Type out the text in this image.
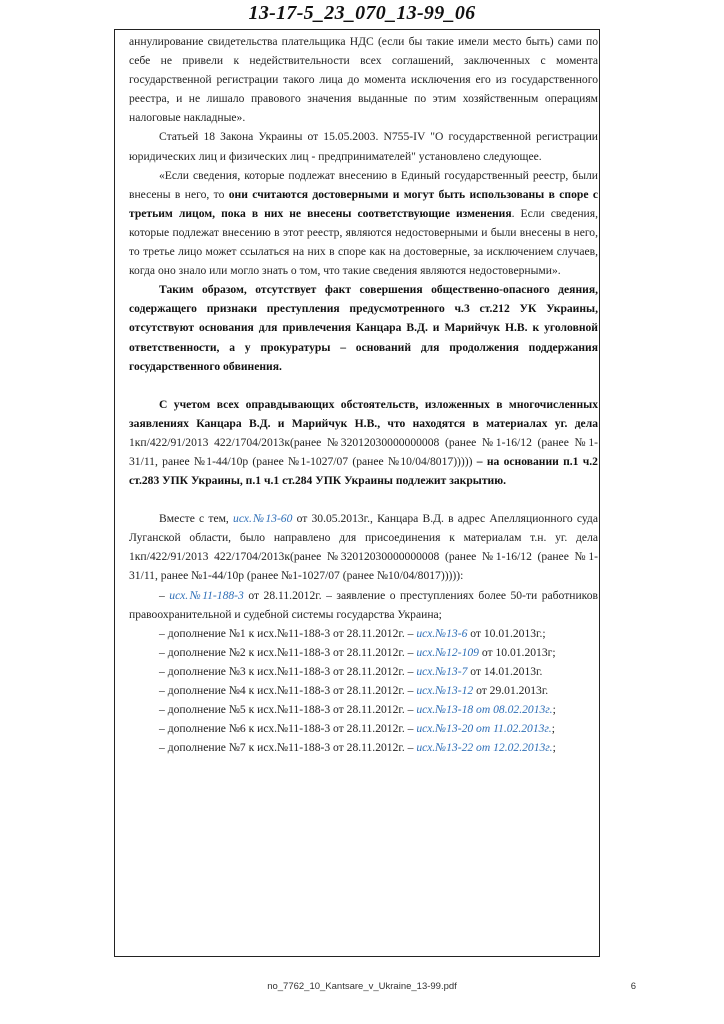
13-17-5_23_070_13-99_06

аннулирование свидетельства плательщика НДС (если бы такие имели место быть) сами по себе не привели к недействительности всех соглашений, заключенных с момента государственной регистрации такого лица до момента исключения его из государственного реестра, и не лишало правового значения выданные по этим хозяйственным операциям налоговые накладные».

Статьей 18 Закона Украины от 15.05.2003. N755-IV "О государственной регистрации юридических лиц и физических лиц - предпринимателей" установлено следующее.

«Если сведения, которые подлежат внесению в Единый государственный реестр, были внесены в него, то они считаются достоверными и могут быть использованы в споре с третьим лицом, пока в них не внесены соответствующие изменения. Если сведения, которые подлежат внесению в этот реестр, являются недостоверными и были внесены в него, то третье лицо может ссылаться на них в споре как на достоверные, за исключением случаев, когда оно знало или могло знать о том, что такие сведения являются недостоверными».

Таким образом, отсутствует факт совершения общественно-опасного деяния, содержащего признаки преступления предусмотренного ч.3 ст.212 УК Украины, отсутствуют основания для привлечения Канцара В.Д. и Марийчук Н.В. к уголовной ответственности, а у прокуратуры – оснований для продолжения поддержания государственного обвинения.

С учетом всех оправдывающих обстоятельств, изложенных в многочисленных заявлениях Канцара В.Д. и Марийчук Н.В., что находятся в материалах уг. дела 1кп/422/91/2013 422/1704/2013к(ранее №32012030000000008 (ранее №1-16/12 (ранее №1-31/11, ранее №1-44/10р (ранее №1-1027/07 (ранее №10/04/8017))))) – на основании п.1 ч.2 ст.283 УПК Украины, п.1 ч.1 ст.284 УПК Украины подлежит закрытию.

Вместе с тем, исх.№13-60 от 30.05.2013г., Канцара В.Д. в адрес Апелляционного суда Луганской области, было направлено для присоединения к материалам т.н. уг. дела 1кп/422/91/2013 422/1704/2013к(ранее №32012030000000008 (ранее №1-16/12 (ранее №1-31/11, ранее №1-44/10р (ранее №1-1027/07 (ранее №10/04/8017))))):

– исх.№11-188-3 от 28.11.2012г. – заявление о преступлениях более 50-ти работников правоохранительной и судебной системы государства Украина;

– дополнение №1 к исх.№11-188-3 от 28.11.2012г. – исх.№13-6 от 10.01.2013г.;

– дополнение №2 к исх.№11-188-3 от 28.11.2012г. – исх.№12-109 от 10.01.2013г;

– дополнение №3 к исх.№11-188-3 от 28.11.2012г. – исх.№13-7 от 14.01.2013г.

– дополнение №4 к исх.№11-188-3 от 28.11.2012г. – исх.№13-12 от 29.01.2013г.

– дополнение №5 к исх.№11-188-3 от 28.11.2012г. – исх.№13-18 от 08.02.2013г.;

– дополнение №6 к исх.№11-188-3 от 28.11.2012г. – исх.№13-20 от 11.02.2013г.;

– дополнение №7 к исх.№11-188-3 от 28.11.2012г. – исх.№13-22 от 12.02.2013г.;

no_7762_10_Kantsare_v_Ukraine_13-99.pdf	6
